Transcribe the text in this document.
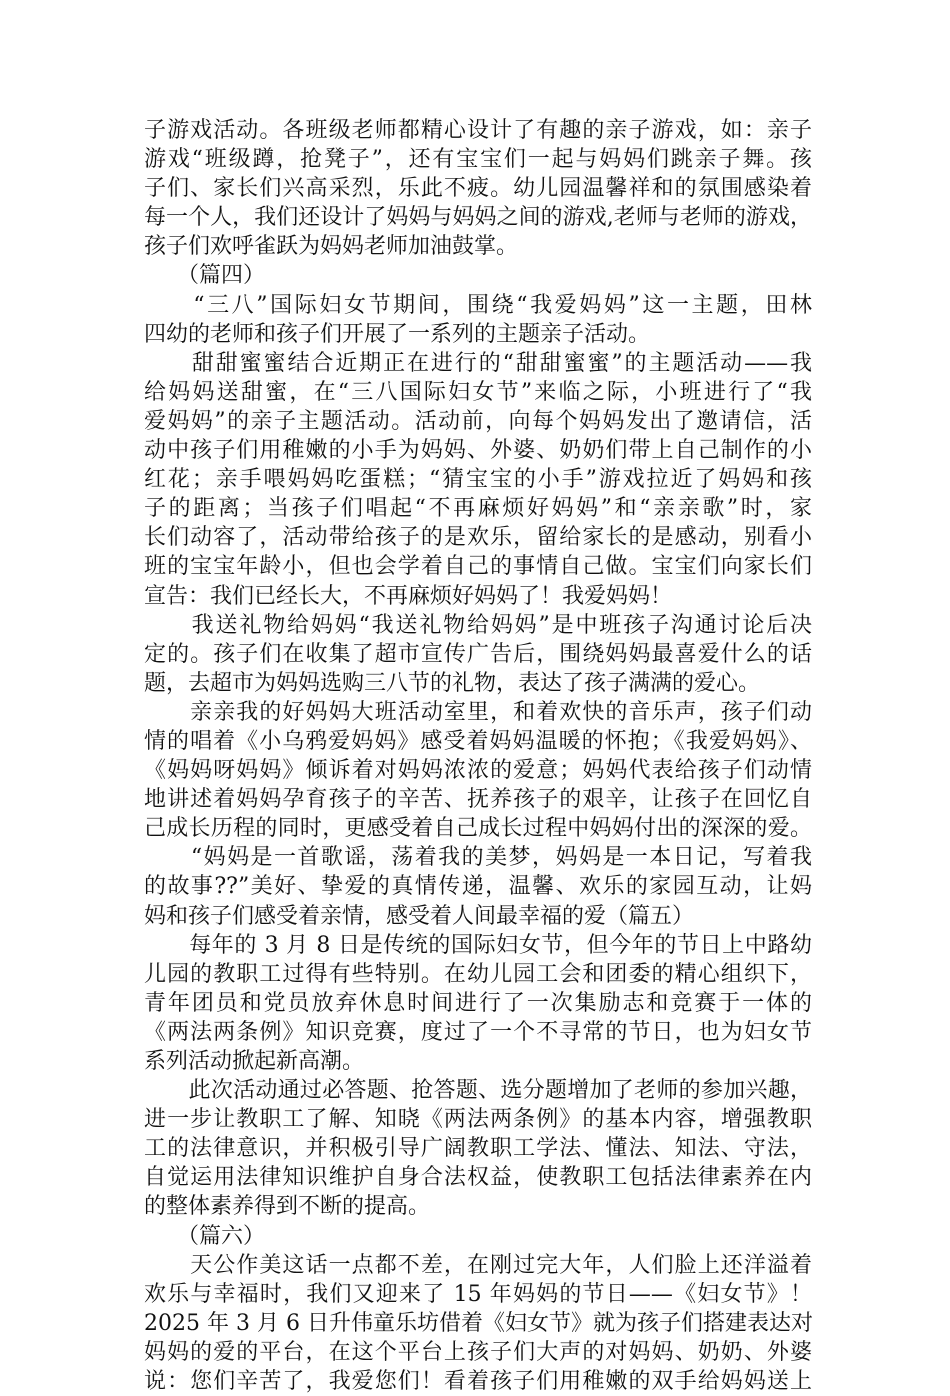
子游戏活动。各班级老师都精心设计了有趣的亲子游戏，如：亲子
游戏“班级蹲，抢凳子”，还有宝宝们一起与妈妈们跳亲子舞。孩
子们、家长们兴高采烈，乐此不疲。幼儿园温馨祥和的氛围感染着
每一个人，我们还设计了妈妈与妈妈之间的游戏,老师与老师的游戏，
孩子们欢呼雀跃为妈妈老师加油鼓掌。
　　（篇四）
　　“三八”国际妇女节期间，围绕“我爱妈妈”这一主题，田林
四幼的老师和孩子们开展了一系列的主题亲子活动。
　　甜甜蜜蜜结合近期正在进行的“甜甜蜜蜜”的主题活动——我
给妈妈送甜蜜，在“三八国际妇女节”来临之际，小班进行了“我
爱妈妈”的亲子主题活动。活动前，向每个妈妈发出了邀请信，活
动中孩子们用稚嫩的小手为妈妈、外婆、奶奶们带上自己制作的小
红花；亲手喂妈妈吃蛋糕；“猜宝宝的小手”游戏拉近了妈妈和孩
子的距离；当孩子们唱起“不再麻烦好妈妈”和“亲亲歌”时，家
长们动容了，活动带给孩子的是欢乐，留给家长的是感动，别看小
班的宝宝年龄小，但也会学着自己的事情自己做。宝宝们向家长们
宣告：我们已经长大，不再麻烦好妈妈了！我爱妈妈！
　　我送礼物给妈妈“我送礼物给妈妈”是中班孩子沟通讨论后决
定的。孩子们在收集了超市宣传广告后，围绕妈妈最喜爱什么的话
题，去超市为妈妈选购三八节的礼物，表达了孩子满满的爱心。
　　亲亲我的好妈妈大班活动室里，和着欢快的音乐声，孩子们动
情的唱着《小乌鸦爱妈妈》感受着妈妈温暖的怀抱；《我爱妈妈》、
《妈妈呀妈妈》倾诉着对妈妈浓浓的爱意；妈妈代表给孩子们动情
地讲述着妈妈孕育孩子的辛苦、抚养孩子的艰辛，让孩子在回忆自
己成长历程的同时，更感受着自己成长过程中妈妈付出的深深的爱。
　　“妈妈是一首歌谣，荡着我的美梦，妈妈是一本日记，写着我
的故事??”美好、挚爱的真情传递，温馨、欢乐的家园互动，让妈
妈和孩子们感受着亲情，感受着人间最幸福的爱（篇五）
　　每年的 3 月 8 日是传统的国际妇女节，但今年的节日上中路幼
儿园的教职工过得有些特别。在幼儿园工会和团委的精心组织下，
青年团员和党员放弃休息时间进行了一次集励志和竞赛于一体的
《两法两条例》知识竞赛，度过了一个不寻常的节日，也为妇女节
系列活动掀起新高潮。
　　此次活动通过必答题、抢答题、选分题增加了老师的参加兴趣，
进一步让教职工了解、知晓《两法两条例》的基本内容，增强教职
工的法律意识，并积极引导广阔教职工学法、懂法、知法、守法，
自觉运用法律知识维护自身合法权益，使教职工包括法律素养在内
的整体素养得到不断的提高。
　　（篇六）
　　天公作美这话一点都不差，在刚过完大年，人们脸上还洋溢着
欢乐与幸福时，我们又迎来了 15 年妈妈的节日——《妇女节》！
2025 年 3 月 6 日升伟童乐坊借着《妇女节》就为孩子们搭建表达对
妈妈的爱的平台，在这个平台上孩子们大声的对妈妈、奶奶、外婆
说：您们辛苦了，我爱您们！看着孩子们用稚嫩的双手给妈妈送上
